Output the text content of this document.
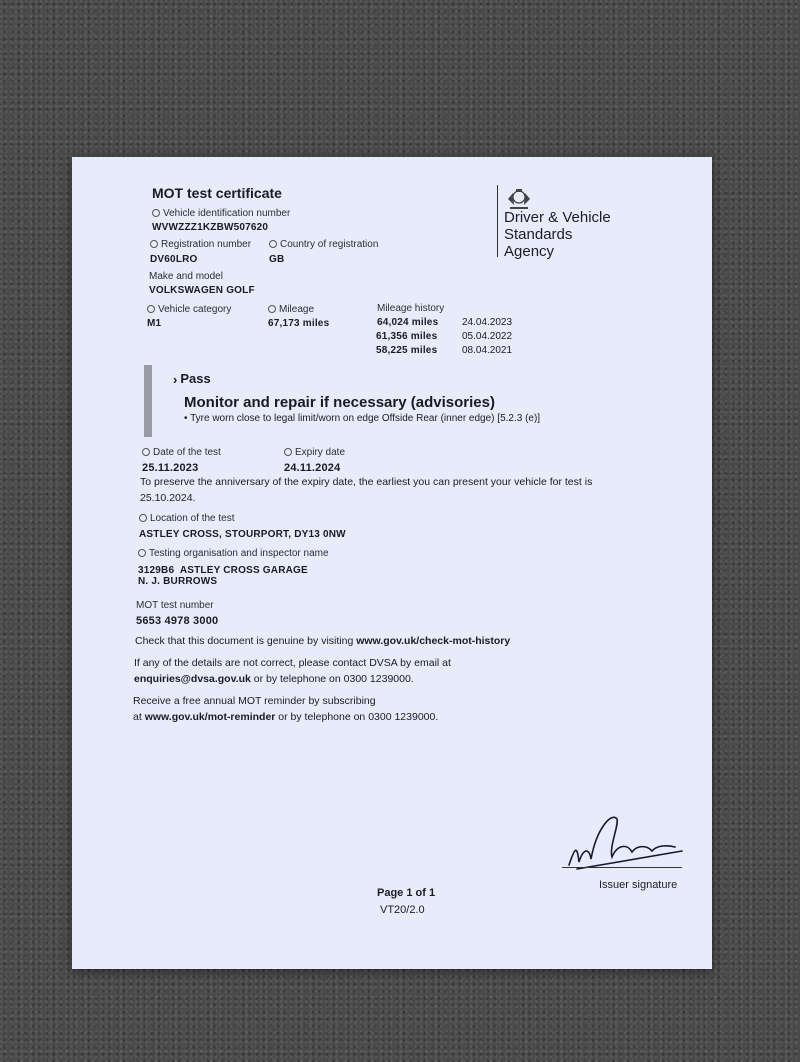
MOT test certificate
Vehicle identification number
WVWZZZ1KZBW507620
Registration number
DV60LRO
Country of registration
GB
Make and model
VOLKSWAGEN GOLF
Vehicle category
M1
Mileage
67,173 miles
Mileage history
64,024 miles 24.04.2023
61,356 miles 05.04.2022
58,225 miles 08.04.2021
Driver & Vehicle
Standards
Agency
› Pass
Monitor and repair if necessary (advisories)
• Tyre worn close to legal limit/worn on edge Offside Rear (inner edge) [5.2.3 (e)]
Date of the test
25.11.2023
Expiry date
24.11.2024
To preserve the anniversary of the expiry date, the earliest you can present your vehicle for test is
25.10.2024.
Location of the test
ASTLEY CROSS, STOURPORT, DY13 0NW
Testing organisation and inspector name
3129B6  ASTLEY CROSS GARAGE
N. J. BURROWS
MOT test number
5653 4978 3000
Check that this document is genuine by visiting www.gov.uk/check-mot-history
If any of the details are not correct, please contact DVSA by email at
enquiries@dvsa.gov.uk or by telephone on 0300 1239000.
Receive a free annual MOT reminder by subscribing
at www.gov.uk/mot-reminder or by telephone on 0300 1239000.
Issuer signature
Page 1 of 1
VT20/2.0
